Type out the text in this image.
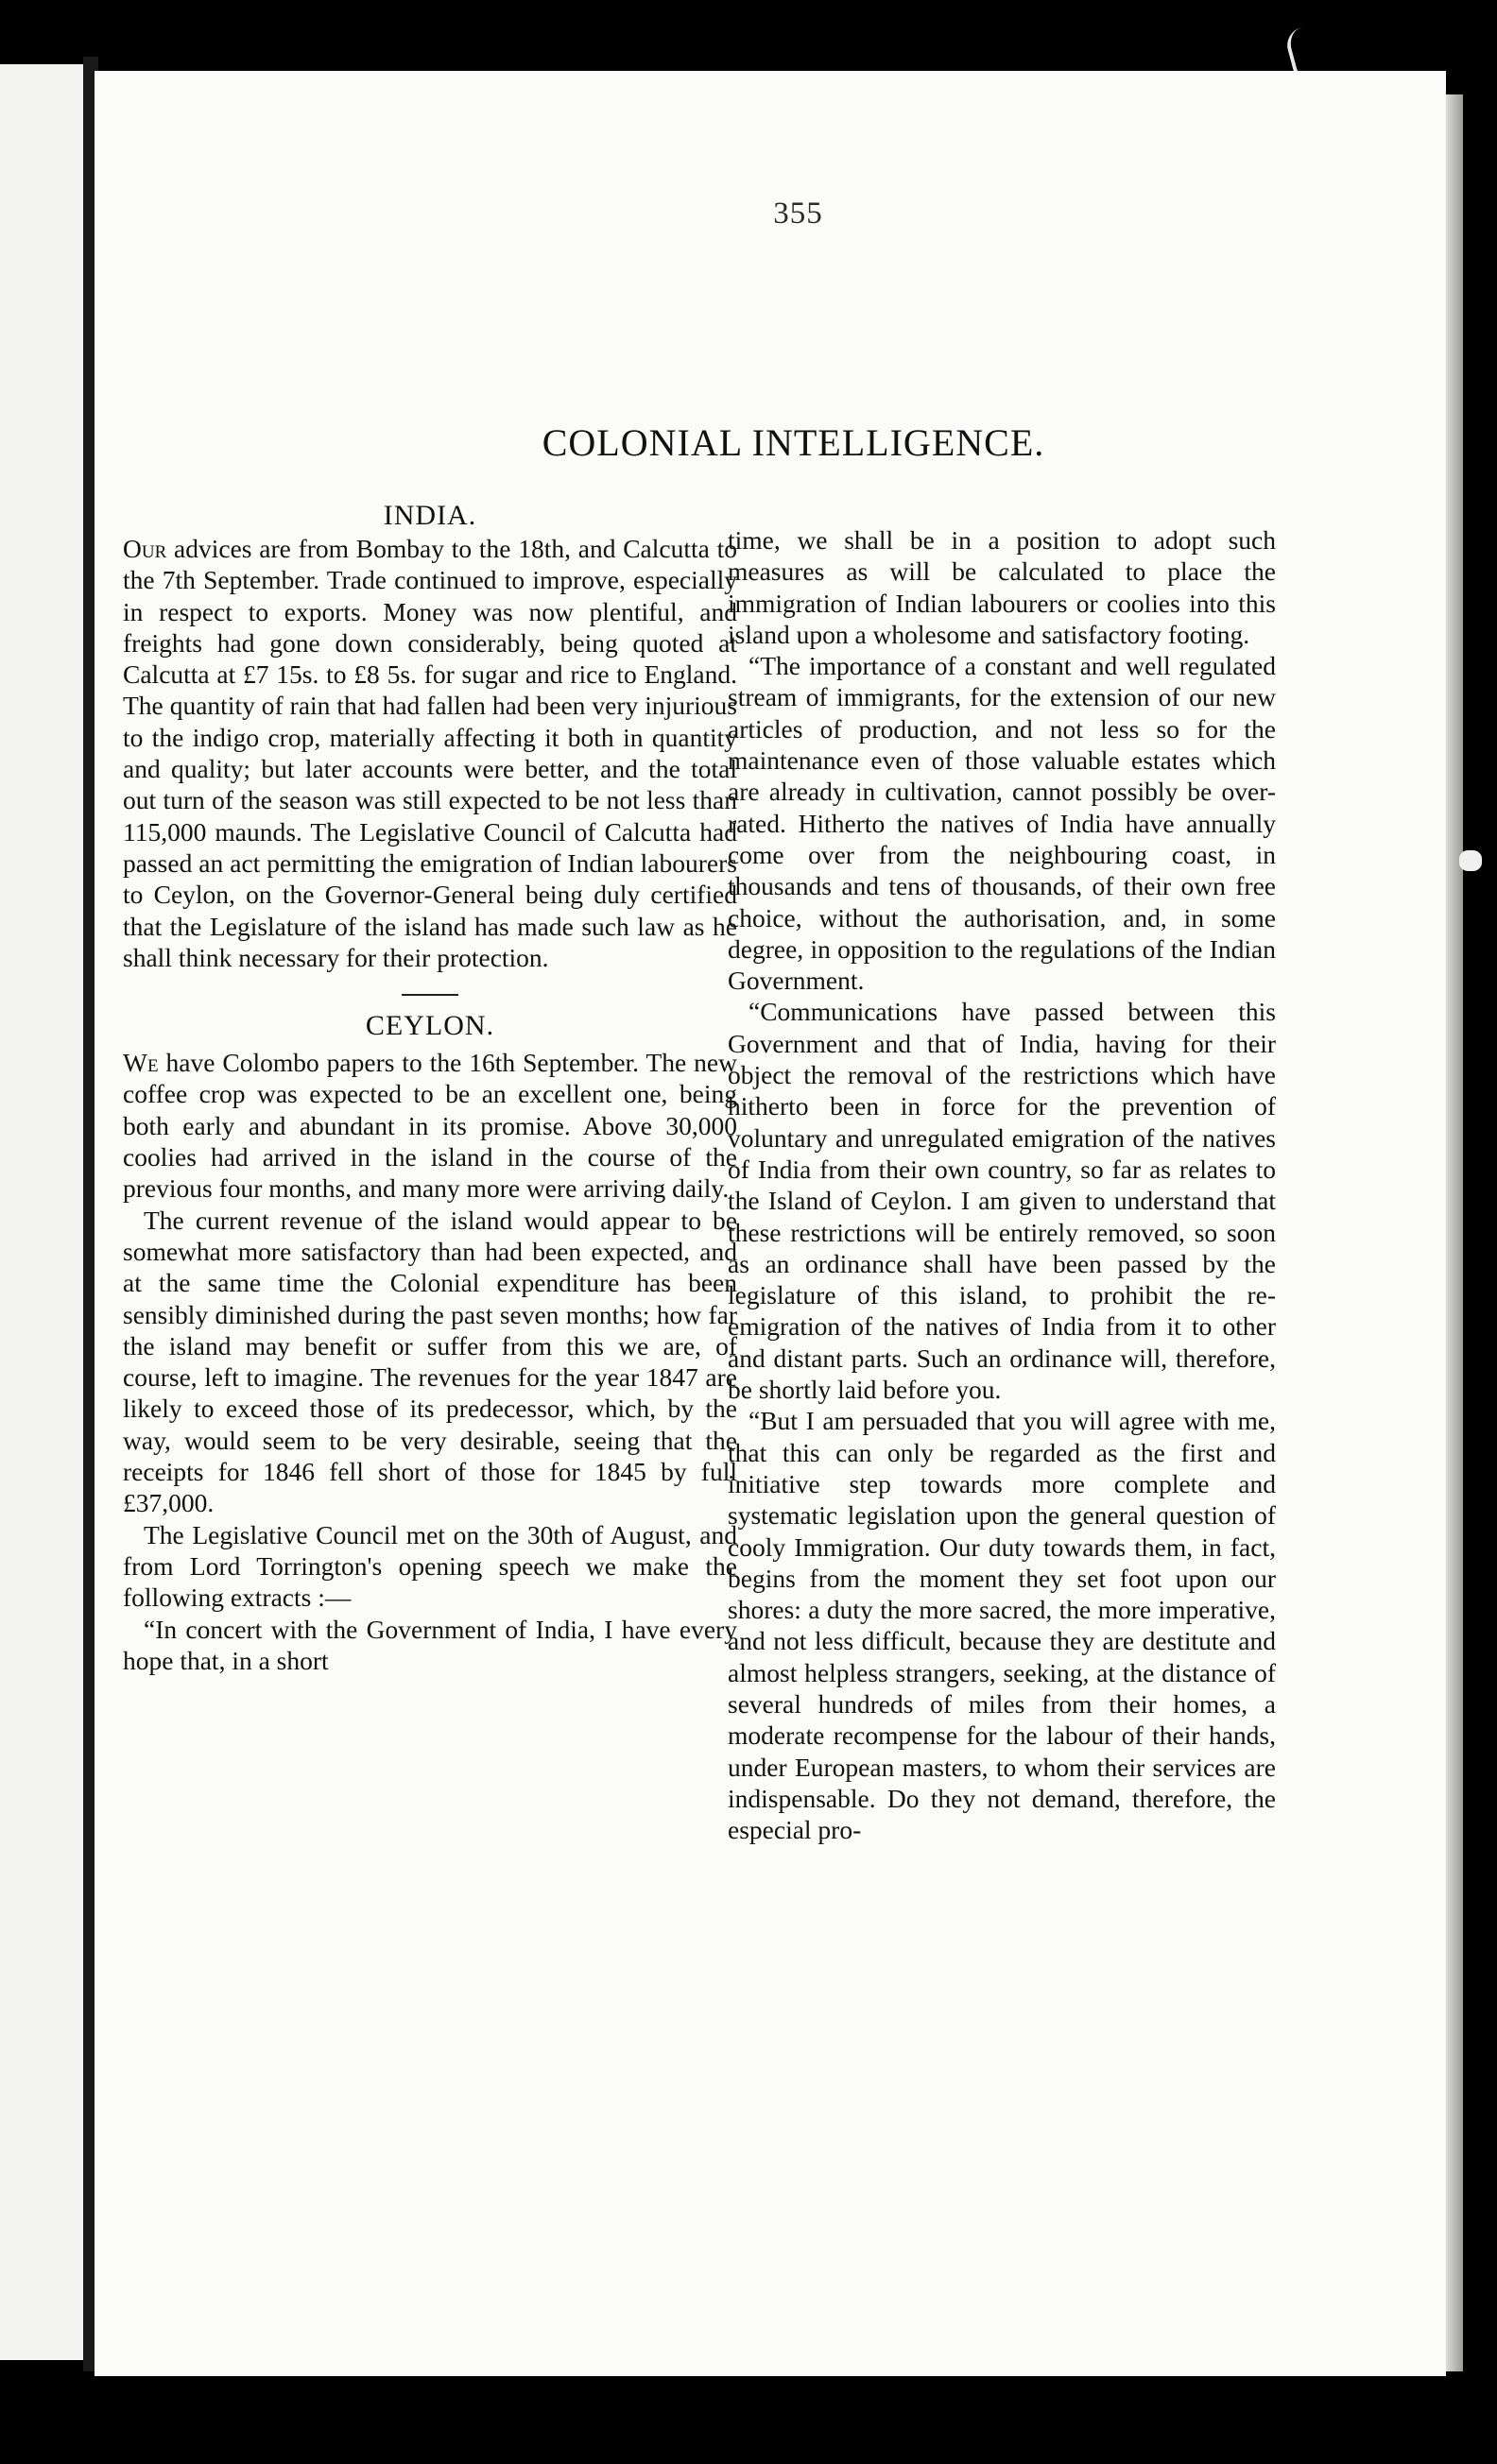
355
COLONIAL INTELLIGENCE.
INDIA.

Our advices are from Bombay to the 18th, and Calcutta to the 7th September. Trade continued to improve, especially in respect to exports. Money was now plentiful, and freights had gone down considerably, being quoted at Calcutta at £7 15s. to £8 5s. for sugar and rice to England. The quantity of rain that had fallen had been very injurious to the indigo crop, materially affecting it both in quantity and quality; but later accounts were better, and the total out turn of the season was still expected to be not less than 115,000 maunds. The Legislative Council of Calcutta had passed an act permitting the emigration of Indian labourers to Ceylon, on the Governor-General being duly certified that the Legislature of the island has made such law as he shall think necessary for their protection.

CEYLON.

We have Colombo papers to the 16th September. The new coffee crop was expected to be an excellent one, being both early and abundant in its promise. Above 30,000 coolies had arrived in the island in the course of the previous four months, and many more were arriving daily.

The current revenue of the island would appear to be somewhat more satisfactory than had been expected, and at the same time the Colonial expenditure has been sensibly diminished during the past seven months; how far the island may benefit or suffer from this we are, of course, left to imagine. The revenues for the year 1847 are likely to exceed those of its predecessor, which, by the way, would seem to be very desirable, seeing that the receipts for 1846 fell short of those for 1845 by full £37,000.

The Legislative Council met on the 30th of August, and from Lord Torrington's opening speech we make the following extracts :—

“In concert with the Government of India, I have every hope that, in a short

time, we shall be in a position to adopt such measures as will be calculated to place the immigration of Indian labourers or coolies into this island upon a wholesome and satisfactory footing.

“The importance of a constant and well regulated stream of immigrants, for the extension of our new articles of production, and not less so for the maintenance even of those valuable estates which are already in cultivation, cannot possibly be over-rated. Hitherto the natives of India have annually come over from the neighbouring coast, in thousands and tens of thousands, of their own free choice, without the authorisation, and, in some degree, in opposition to the regulations of the Indian Government.

“Communications have passed between this Government and that of India, having for their object the removal of the restrictions which have hitherto been in force for the prevention of voluntary and unregulated emigration of the natives of India from their own country, so far as relates to the Island of Ceylon. I am given to understand that these restrictions will be entirely removed, so soon as an ordinance shall have been passed by the legislature of this island, to prohibit the re-emigration of the natives of India from it to other and distant parts. Such an ordinance will, therefore, be shortly laid before you.

“But I am persuaded that you will agree with me, that this can only be regarded as the first and initiative step towards more complete and systematic legislation upon the general question of cooly Immigration. Our duty towards them, in fact, begins from the moment they set foot upon our shores: a duty the more sacred, the more imperative, and not less difficult, because they are destitute and almost helpless strangers, seeking, at the distance of several hundreds of miles from their homes, a moderate recompense for the labour of their hands, under European masters, to whom their services are indispensable. Do they not demand, therefore, the especial pro-
